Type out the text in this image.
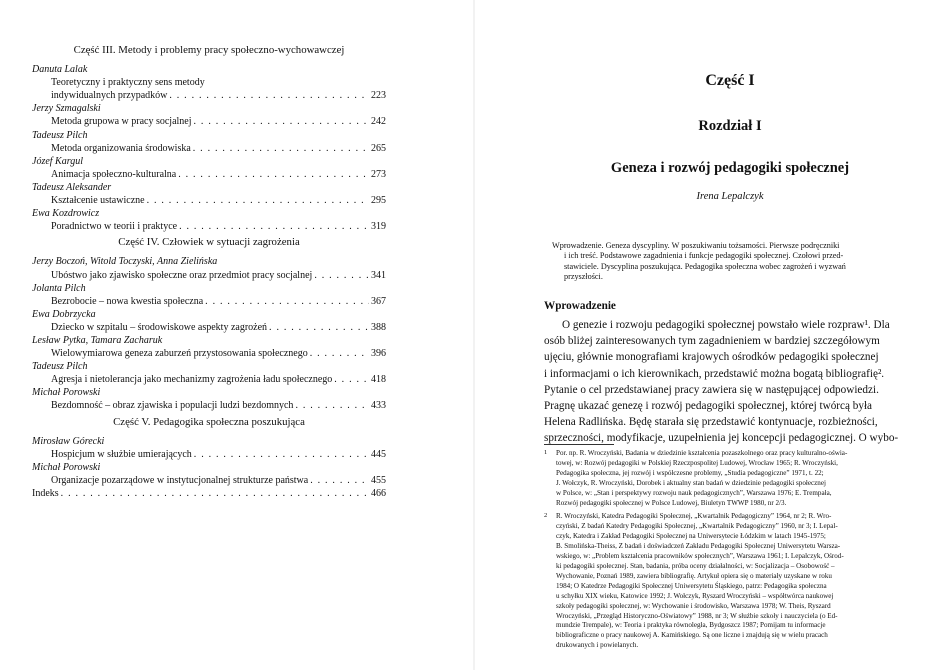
Część III. Metody i problemy pracy społeczno-wychowawczej
Danuta Lalak
Teoretyczny i praktyczny sens metody
indywidualnych przypadków . . .	223
Jerzy Szmagalski
Metoda grupowa w pracy socjalnej . . .	242
Tadeusz Pilch
Metoda organizowania środowiska . . .	265
Józef Kargul
Animacja społeczno-kulturalna . . .	273
Tadeusz Aleksander
Kształcenie ustawiczne . . .	295
Ewa Kozdrowicz
Poradnictwo w teorii i praktyce . . .	319
Część IV. Człowiek w sytuacji zagrożenia
Jerzy Boczoń, Witold Toczyski, Anna Zielińska
Ubóstwo jako zjawisko społeczne oraz przedmiot pracy socjalnej . . .	341
Jolanta Pilch
Bezrobocie – nowa kwestia społeczna . . .	367
Ewa Dobrzycka
Dziecko w szpitalu – środowiskowe aspekty zagrożeń . . .	388
Lesław Pytka, Tamara Zacharuk
Wielowymiarowa geneza zaburzeń przystosowania społecznego . . .	396
Tadeusz Pilch
Agresja i nietolerancja jako mechanizmy zagrożenia ładu społecznego . . .	418
Michał Porowski
Bezdomność – obraz zjawiska i populacji ludzi bezdomnych . . .	433
Część V. Pedagogika społeczna poszukująca
Mirosław Górecki
Hospicjum w służbie umierających . . .	445
Michał Porowski
Organizacje pozarządowe w instytucjonalnej strukturze państwa . . .	455
Indeks . . .	466
Część I
Rozdział I
Geneza i rozwój pedagogiki społecznej
Irena Lepalczyk
Wprowadzenie. Geneza dyscypliny. W poszukiwaniu tożsamości. Pierwsze podręczniki
i ich treść. Podstawowe zagadnienia i funkcje pedagogiki społecznej. Czołowi przed-
stawiciele. Dyscyplina poszukująca. Pedagogika społeczna wobec zagrożeń i wyzwań
przyszłości.
Wprowadzenie
O genezie i rozwoju pedagogiki społecznej powstało wiele rozpraw¹. Dla
osób bliżej zainteresowanych tym zagadnieniem w bardziej szczegółowym
ujęciu, głównie monografiami krajowych ośrodków pedagogiki społecznej
i informacjami o ich kierownikach, przedstawić można bogatą bibliografię².
Pytanie o cel przedstawianej pracy zawiera się w następującej odpowiedzi.
Pragnę ukazać genezę i rozwój pedagogiki społecznej, której twórcą była
Helena Radlińska. Będę starała się przedstawić kontynuacje, rozbieżności,
sprzeczności, modyfikacje, uzupełnienia jej koncepcji pedagogicznej. O wybo-
1 Por. np. R. Wroczyński, Badania w dziedzinie kształcenia pozaszkolnego oraz pracy kulturalno-oświa-
towej, w: Rozwój pedagogiki w Polskiej Rzeczpospolitej Ludowej, Wrocław 1965; R. Wroczyński,
Pedagogika społeczna, jej rozwój i współczesne problemy, „Studia pedagogiczne” 1971, t. 22;
J. Wołczyk, R. Wroczyński, Dorobek i aktualny stan badań w dziedzinie pedagogiki społecznej
w Polsce, w: „Stan i perspektywy rozwoju nauk pedagogicznych”, Warszawa 1976; E. Trempała,
Rozwój pedagogiki społecznej w Polsce Ludowej, Biuletyn TWWP 1980, nr 2/3.
2 R. Wroczyński, Katedra Pedagogiki Społecznej, „Kwartalnik Pedagogiczny” 1964, nr 2; R. Wro-
czyński, Z badań Katedry Pedagogiki Społecznej, „Kwartalnik Pedagogiczny” 1960, nr 3; I. Lepal-
czyk, Katedra i Zakład Pedagogiki Społecznej na Uniwersytecie Łódzkim w latach 1945-1975;
B. Smolińska-Theiss, Z badań i doświadczeń Zakładu Pedagogiki Społecznej Uniwersytetu Warsza-
wskiego, w: „Problem kształcenia pracowników społecznych”, Warszawa 1961; I. Lepalczyk, Ośrod-
ki pedagogiki społecznej. Stan, badania, próba oceny działalności, w: Socjalizacja – Osobowość –
Wychowanie, Poznań 1989, zawiera bibliografię. Artykuł opiera się o materiały uzyskane w roku
1984; O Katedrze Pedagogiki Społecznej Uniwersytetu Śląskiego, patrz: Pedagogika społeczna
u schyłku XIX wieku, Katowice 1992; J. Wołczyk, Ryszard Wroczyński – współtwórca naukowej
szkoły pedagogiki społecznej, w: Wychowanie i środowisko, Warszawa 1978; W. Theis, Ryszard
Wroczyński, „Przegląd Historyczno-Oświatowy” 1988, nr 3; W służbie szkoły i nauczyciela (o Ed-
mundzie Trempale), w: Teoria i praktyka równoległa, Bydgoszcz 1987; Pomijam tu informacje
bibliograficzne o pracy naukowej A. Kamińskiego. Są one liczne i znajdują się w wielu pracach
drukowanych i powielanych.
